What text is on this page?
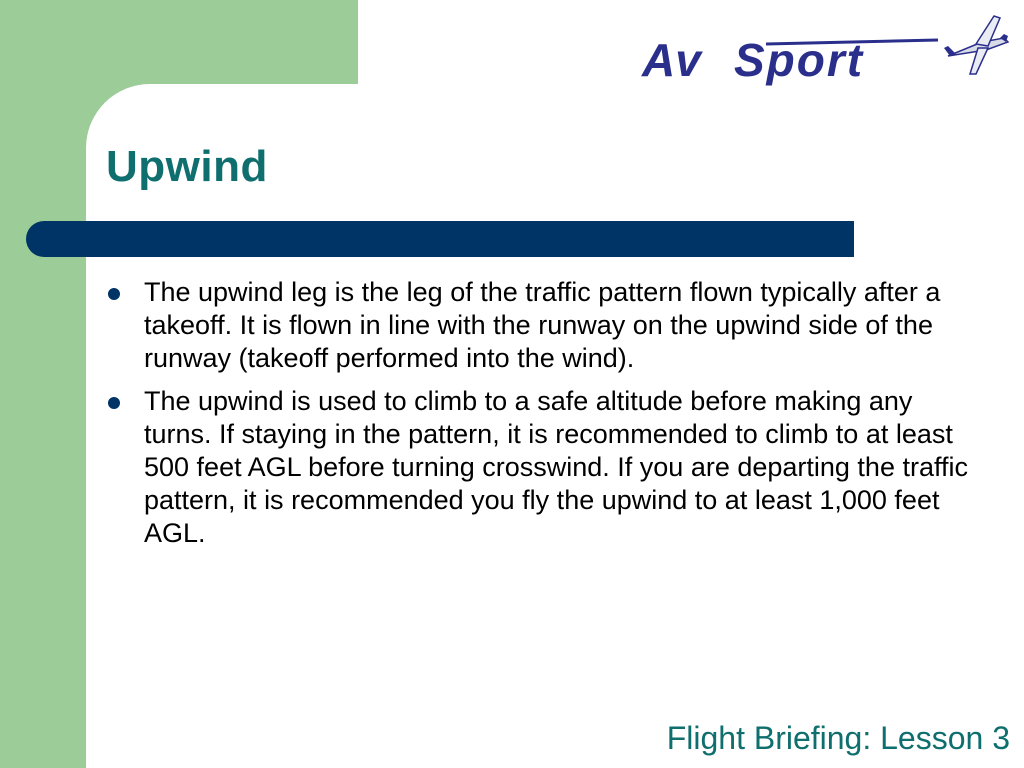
Av Sport
Upwind
The upwind leg is the leg of the traffic pattern flown typically after a takeoff. It is flown in line with the runway on the upwind side of the runway (takeoff performed into the wind).
The upwind is used to climb to a safe altitude before making any turns. If staying in the pattern, it is recommended to climb to at least 500 feet AGL before turning crosswind. If you are departing the traffic pattern, it is recommended you fly the upwind to at least 1,000 feet AGL.

Flight Briefing: Lesson 3
